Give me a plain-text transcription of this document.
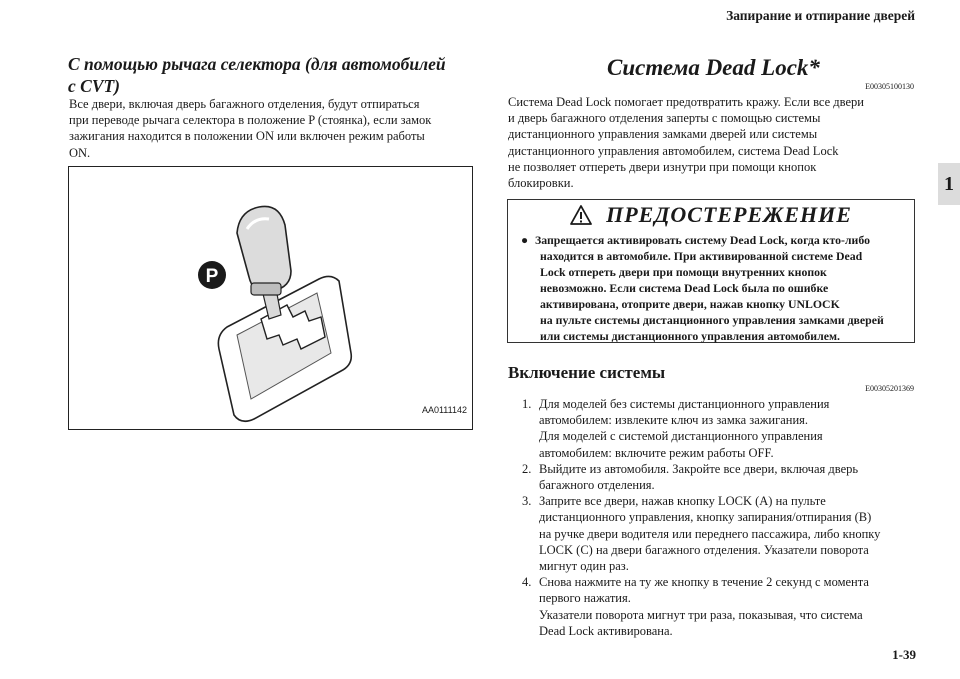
Запирание и отпирание дверей
1
С помощью рычага селектора (для автомобилей
с CVT)
Все двери, включая дверь багажного отделения, будут отпираться
при переводе рычага селектора в положение P (стоянка), если замок
зажигания находится в положении ON или включен режим работы
ON.
P
AA0111142
Система Dead Lock*
E00305100130
Система Dead Lock помогает предотвратить кражу. Если все двери
и дверь багажного отделения заперты с помощью системы
дистанционного управления замками дверей или системы
дистанционного управления автомобилем, система Dead Lock
не позволяет отпереть двери изнутри при помощи кнопок
блокировки.
ПРЕДОСТЕРЕЖЕНИЕ
● Запрещается активировать систему Dead Lock, когда кто-либо
находится в автомобиле. При активированной системе Dead
Lock отпереть двери при помощи внутренних кнопок
невозможно. Если система Dead Lock была по ошибке
активирована, отоприте двери, нажав кнопку UNLOCK
на пульте системы дистанционного управления замками дверей
или системы дистанционного управления автомобилем.
Включение системы
E00305201369
1. Для моделей без системы дистанционного управления
автомобилем: извлеките ключ из замка зажигания.
Для моделей с системой дистанционного управления
автомобилем: включите режим работы OFF.
2. Выйдите из автомобиля. Закройте все двери, включая дверь
багажного отделения.
3. Заприте все двери, нажав кнопку LOCK (A) на пульте
дистанционного управления, кнопку запирания/отпирания (B)
на ручке двери водителя или переднего пассажира, либо кнопку
LOCK (C) на двери багажного отделения. Указатели поворота
мигнут один раз.
4. Снова нажмите на ту же кнопку в течение 2 секунд с момента
первого нажатия.
Указатели поворота мигнут три раза, показывая, что система
Dead Lock активирована.
1-39
